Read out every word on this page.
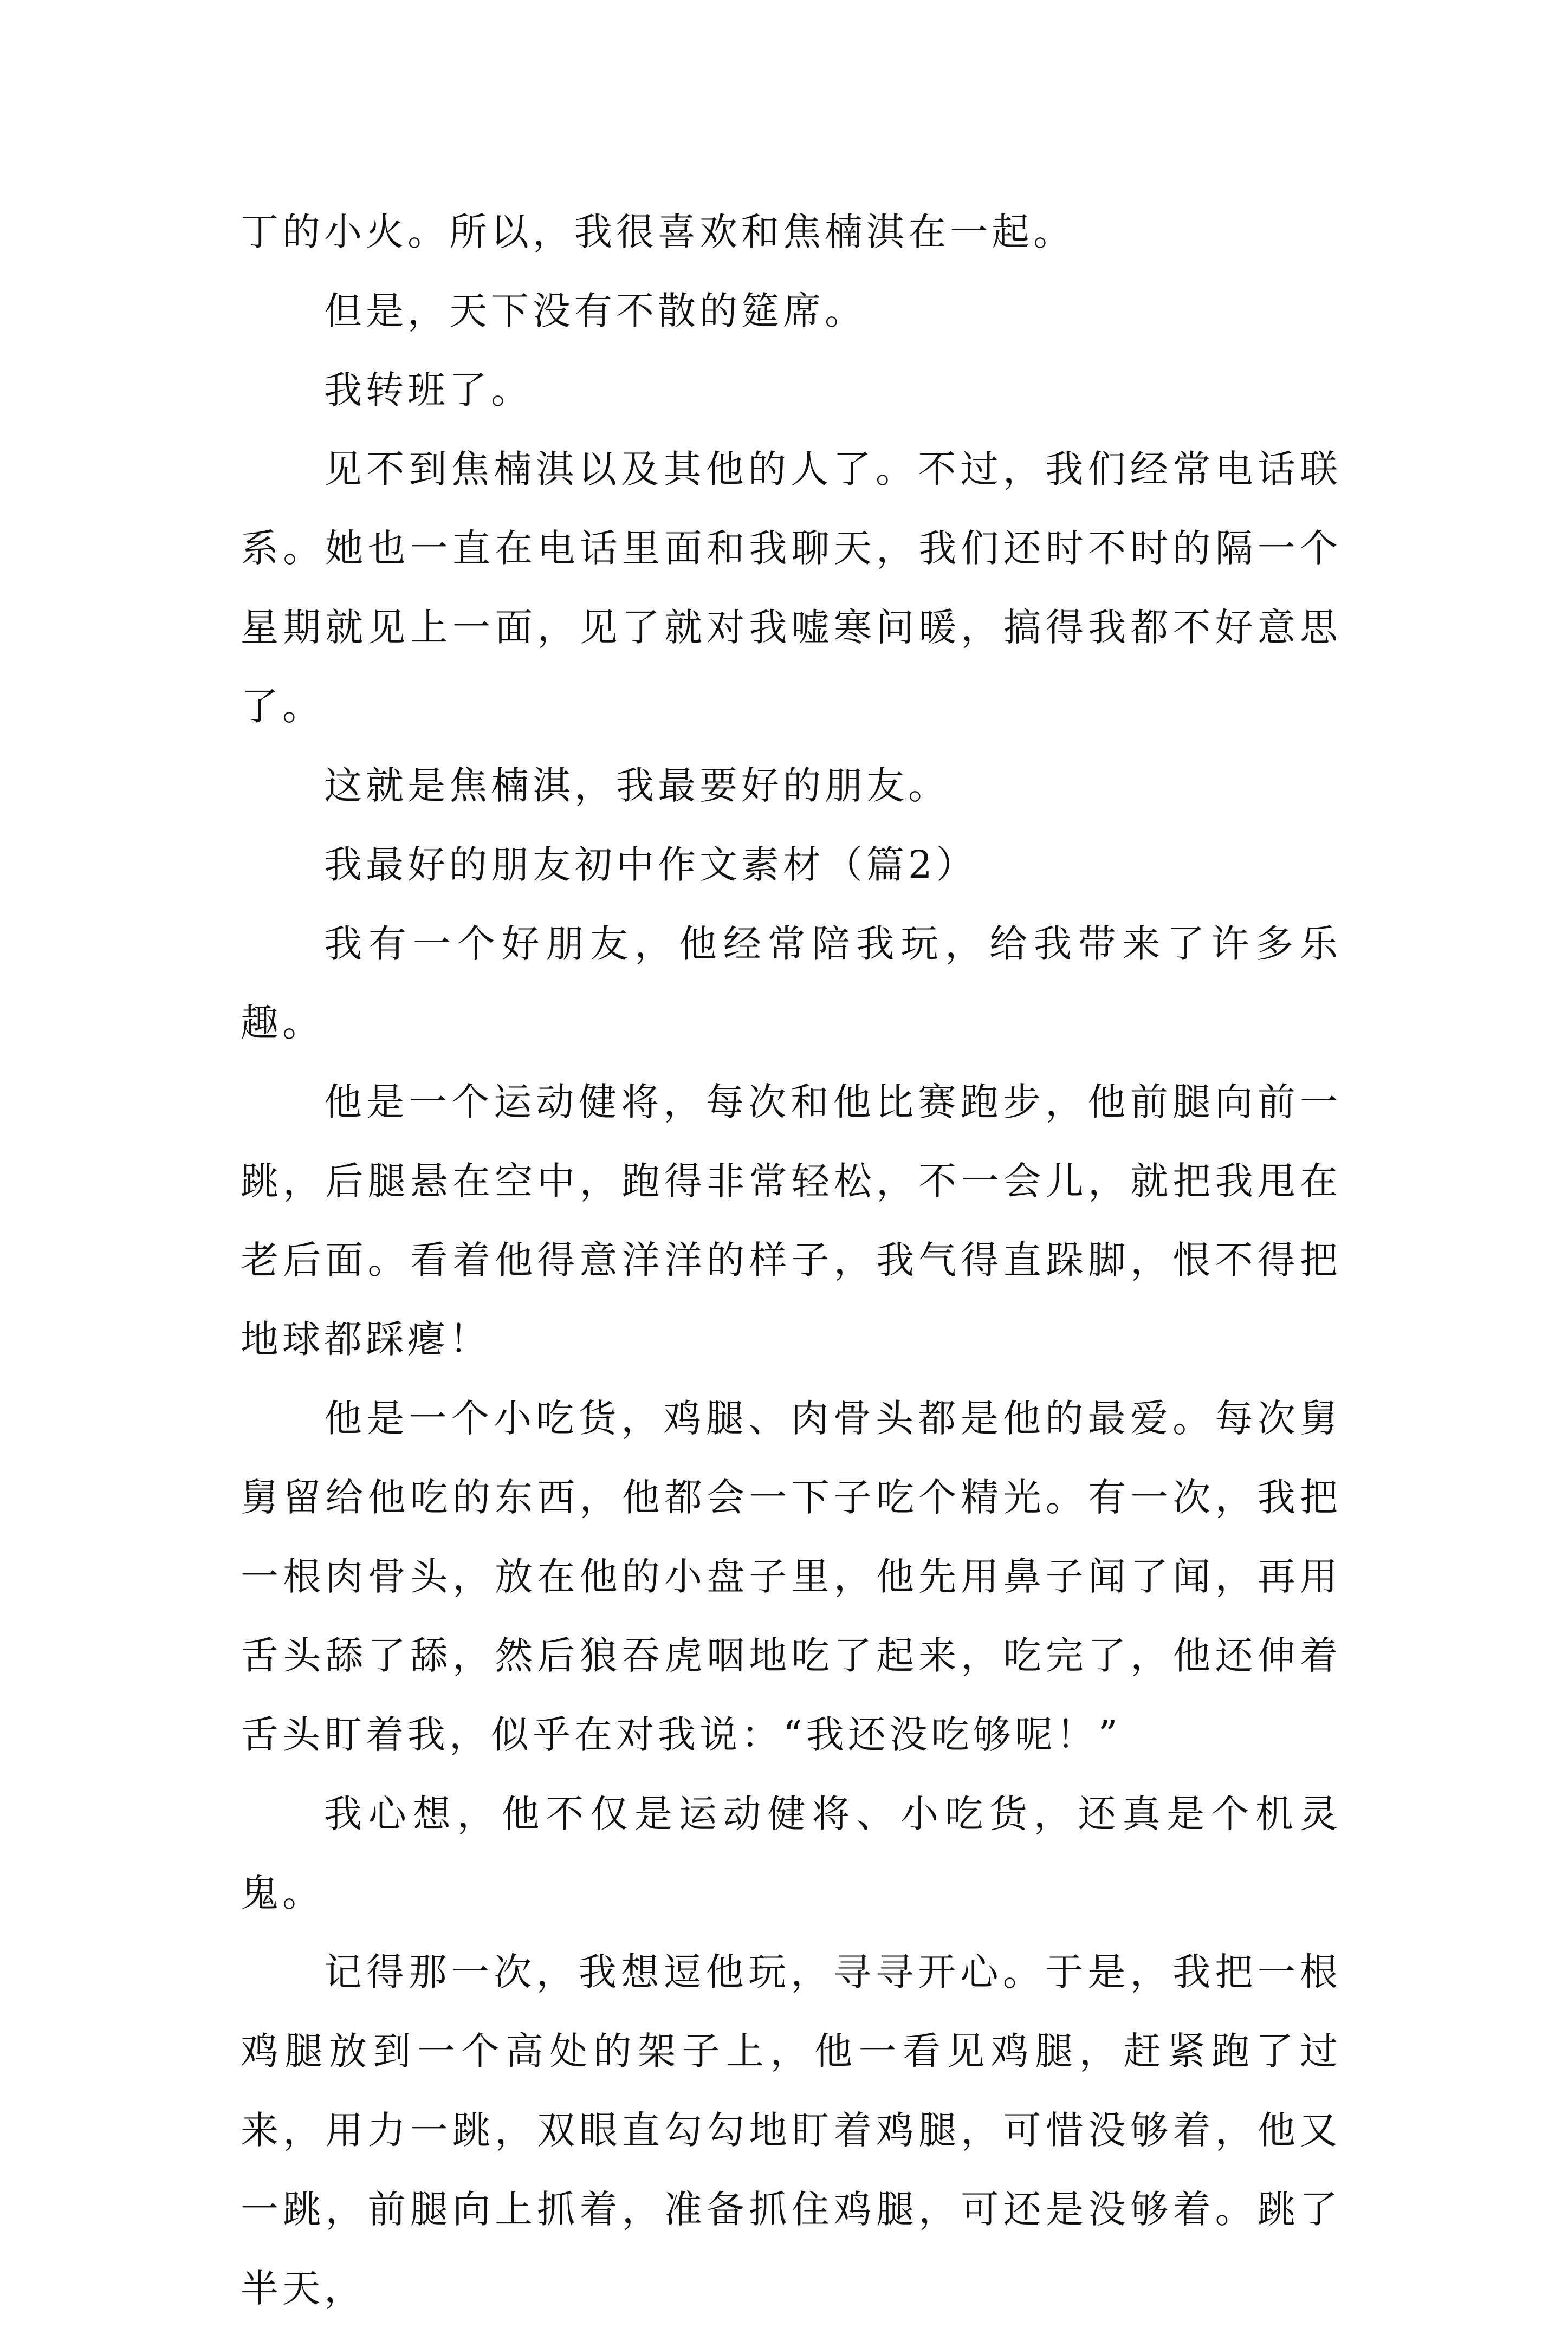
丁的小火。所以，我很喜欢和焦楠淇在一起。

但是，天下没有不散的筵席。

我转班了。

见不到焦楠淇以及其他的人了。不过，我们经常电话联系。她也一直在电话里面和我聊天，我们还时不时的隔一个星期就见上一面，见了就对我嘘寒问暖，搞得我都不好意思了。

这就是焦楠淇，我最要好的朋友。

我最好的朋友初中作文素材（篇2）

我有一个好朋友，他经常陪我玩，给我带来了许多乐趣。

他是一个运动健将，每次和他比赛跑步，他前腿向前一跳，后腿悬在空中，跑得非常轻松，不一会儿，就把我甩在老后面。看着他得意洋洋的样子，我气得直跺脚，恨不得把地球都踩瘪！

他是一个小吃货，鸡腿、肉骨头都是他的最爱。每次舅舅留给他吃的东西，他都会一下子吃个精光。有一次，我把一根肉骨头，放在他的小盘子里，他先用鼻子闻了闻，再用舌头舔了舔，然后狼吞虎咽地吃了起来，吃完了，他还伸着舌头盯着我，似乎在对我说：“我还没吃够呢！”

我心想，他不仅是运动健将、小吃货，还真是个机灵鬼。

记得那一次，我想逗他玩，寻寻开心。于是，我把一根鸡腿放到一个高处的架子上，他一看见鸡腿，赶紧跑了过来，用力一跳，双眼直勾勾地盯着鸡腿，可惜没够着，他又一跳，前腿向上抓着，准备抓住鸡腿，可还是没够着。跳了半天，
